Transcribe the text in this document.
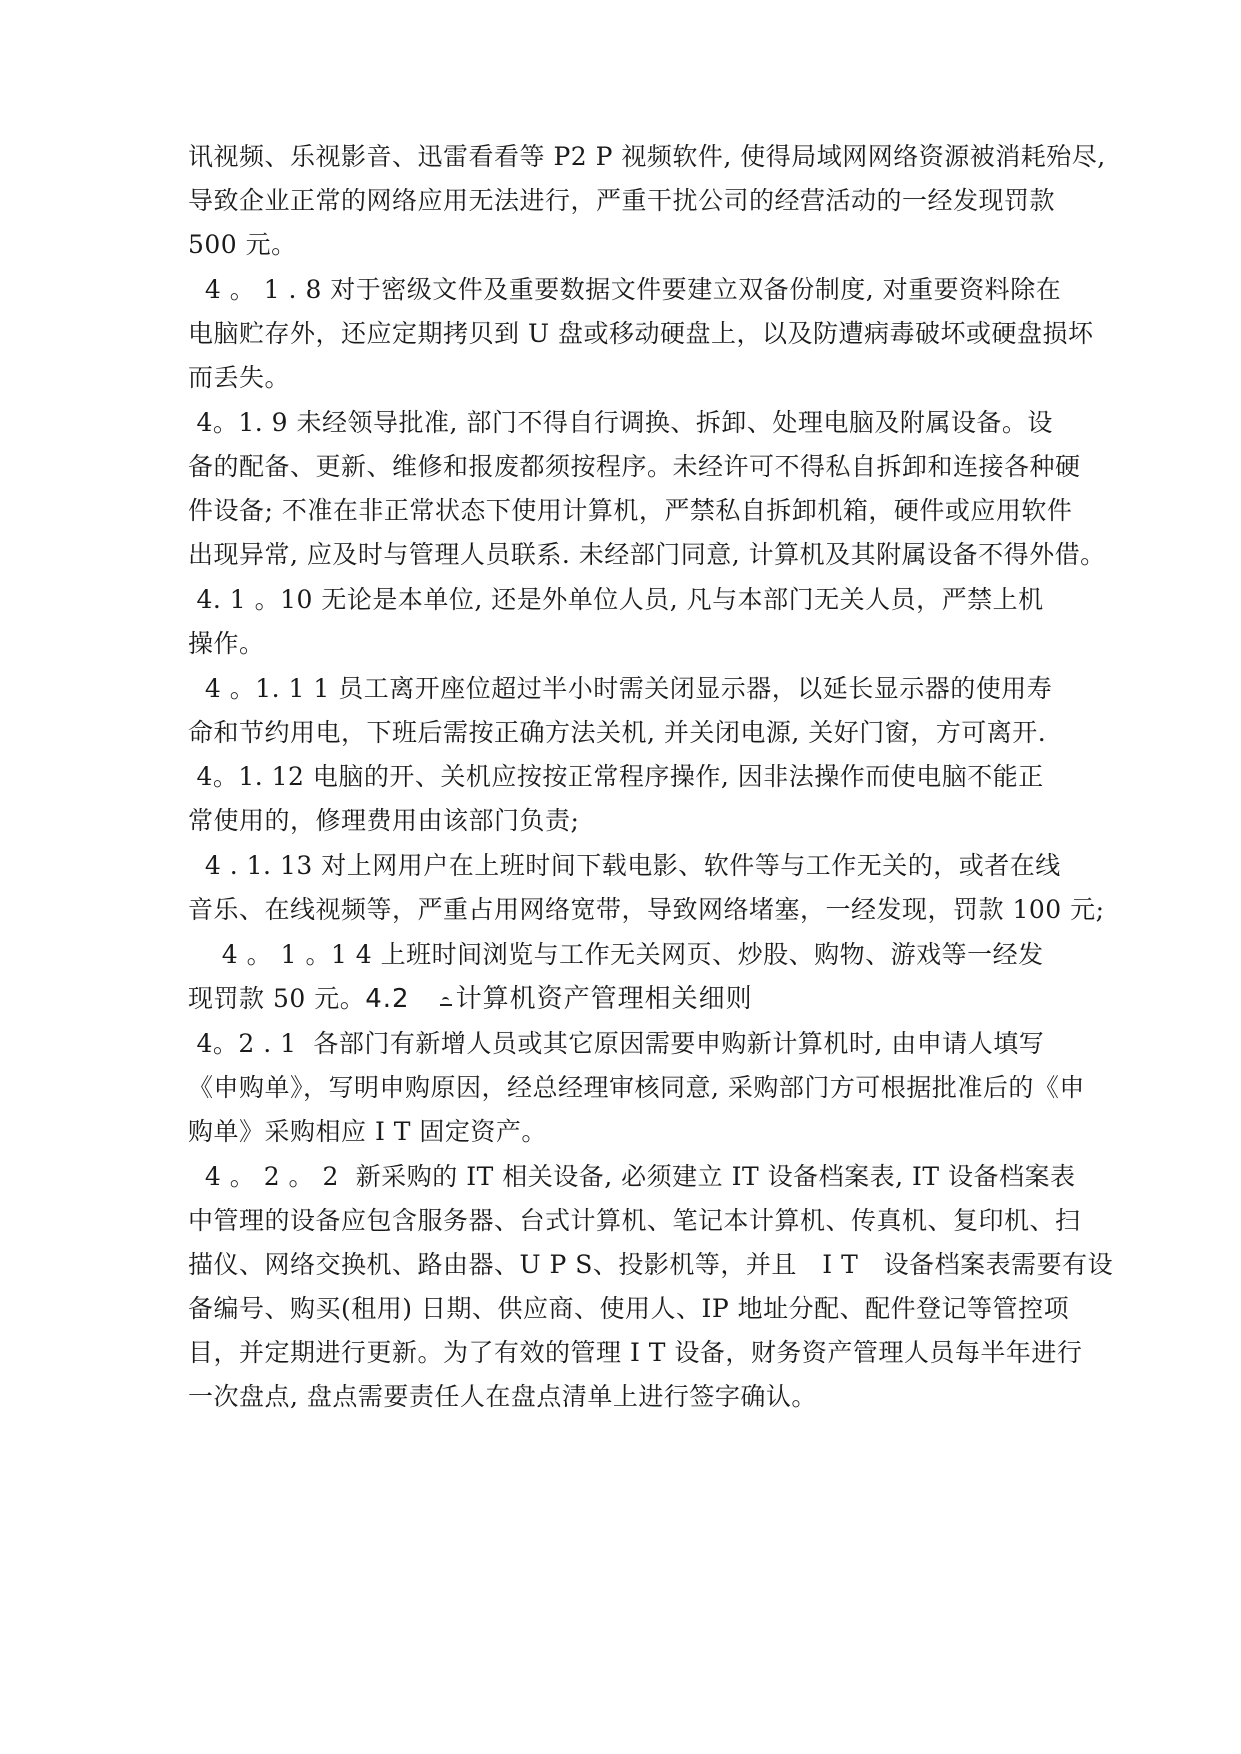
讯视频、乐视影音、迅雷看看等 P2 P 视频软件, 使得局域网网络资源被消耗殆尽,
导致企业正常的网络应用无法进行，严重干扰公司的经营活动的一经发现罚款
500 元。
4 。 1 . 8 对于密级文件及重要数据文件要建立双备份制度, 对重要资料除在
电脑贮存外，还应定期拷贝到 U 盘或移动硬盘上，以及防遭病毒破坏或硬盘损坏
而丢失。
4。1. 9 未经领导批准, 部门不得自行调换、拆卸、处理电脑及附属设备。设
备的配备、更新、维修和报废都须按程序。未经许可不得私自拆卸和连接各种硬
件设备; 不准在非正常状态下使用计算机，严禁私自拆卸机箱，硬件或应用软件
出现异常, 应及时与管理人员联系. 未经部门同意, 计算机及其附属设备不得外借。
4. 1 。10 无论是本单位, 还是外单位人员, 凡与本部门无关人员，严禁上机
操作。
4 。1. 1 1 员工离开座位超过半小时需关闭显示器，以延长显示器的使用寿
命和节约用电，下班后需按正确方法关机, 并关闭电源, 关好门窗，方可离开.
4。1. 12 电脑的开、关机应按按正常程序操作, 因非法操作而使电脑不能正
常使用的，修理费用由该部门负责;
4 . 1. 13 对上网用户在上班时间下载电影、软件等与工作无关的，或者在线
音乐、在线视频等，严重占用网络宽带，导致网络堵塞，一经发现，罚款 100 元;
4 。 1 。1 4 上班时间浏览与工作无关网页、炒股、购物、游戏等一经发
现罚款 50 元。4.2 计算机资产管理相关细则
4。2 . 1  各部门有新增人员或其它原因需要申购新计算机时, 由申请人填写
《申购单》，写明申购原因，经总经理审核同意, 采购部门方可根据批准后的《申
购单》采购相应 I T 固定资产。
4 。 2 。 2  新采购的 IT 相关设备, 必须建立 IT 设备档案表, IT 设备档案表
中管理的设备应包含服务器、台式计算机、笔记本计算机、传真机、复印机、扫
描仪、网络交换机、路由器、U P S、投影机等，并且   I T   设备档案表需要有设
备编号、购买(租用) 日期、供应商、使用人、IP 地址分配、配件登记等管控项
目，并定期进行更新。为了有效的管理 I T 设备，财务资产管理人员每半年进行
一次盘点, 盘点需要责任人在盘点清单上进行签字确认。
